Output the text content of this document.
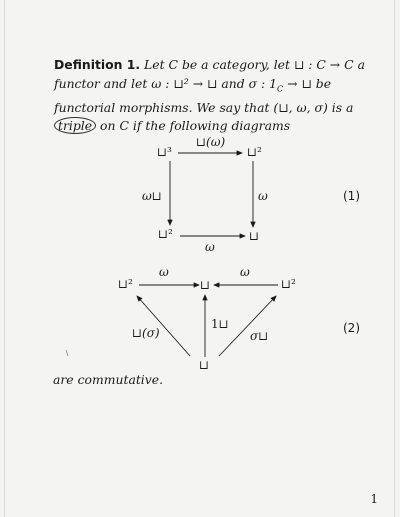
Definition 1. Let C be a category, let ⊔ : C → C a functor and let ω : ⊔² → ⊔ and σ : $1_C$ → ⊔ be functorial morphisms. We say that (⊔, ω, σ) is a triple on C if the following diagrams
⊔³	⊔²
⊔²	⊔
⊔(ω)
ω⊔	ω
ω
(1)
⊔²	⊔	⊔²
⊔
ω	ω
⊔(σ)
1⊔
σ⊔
(2)
are commutative.
1
